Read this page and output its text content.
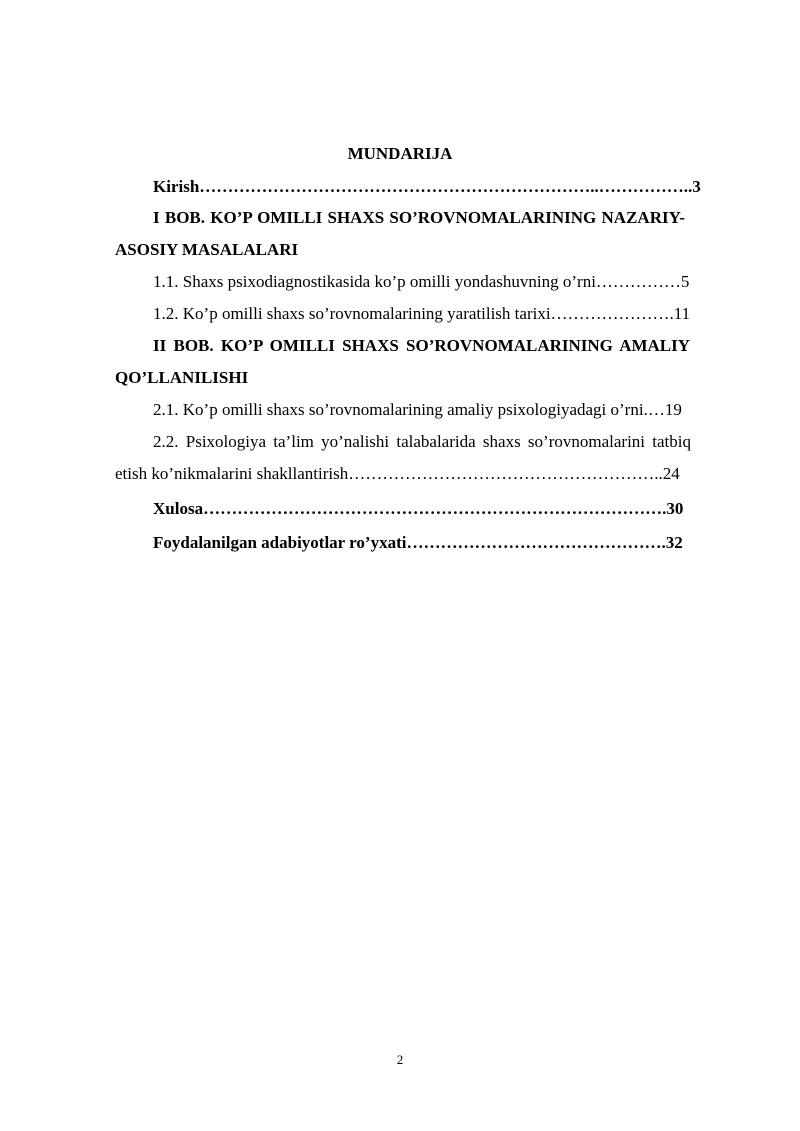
MUNDARIJA

Kirish……………………………………………………………..……………..3

I BOB. KO’P OMILLI SHAXS SO’ROVNOMALARINING NAZARIY-

ASOSIY MASALALARI

1.1. Shaxs psixodiagnostikasida ko’p omilli yondashuvning o’rni……………5

1.2. Ko’p omilli shaxs so’rovnomalarining yaratilish tarixi………………….11

II BOB. KO’P OMILLI SHAXS SO’ROVNOMALARINING AMALIY

QO’LLANILISHI

2.1. Ko’p omilli shaxs so’rovnomalarining amaliy psixologiyadagi o’rni.…19

2.2. Psixologiya ta’lim yo’nalishi talabalarida shaxs so’rovnomalarini tatbiq

etish ko’nikmalarini shakllantirish………………………………………………..24

Xulosa……………………………………………………………………….30

Foydalanilgan adabiyotlar ro’yxati……………………………………….32

2
